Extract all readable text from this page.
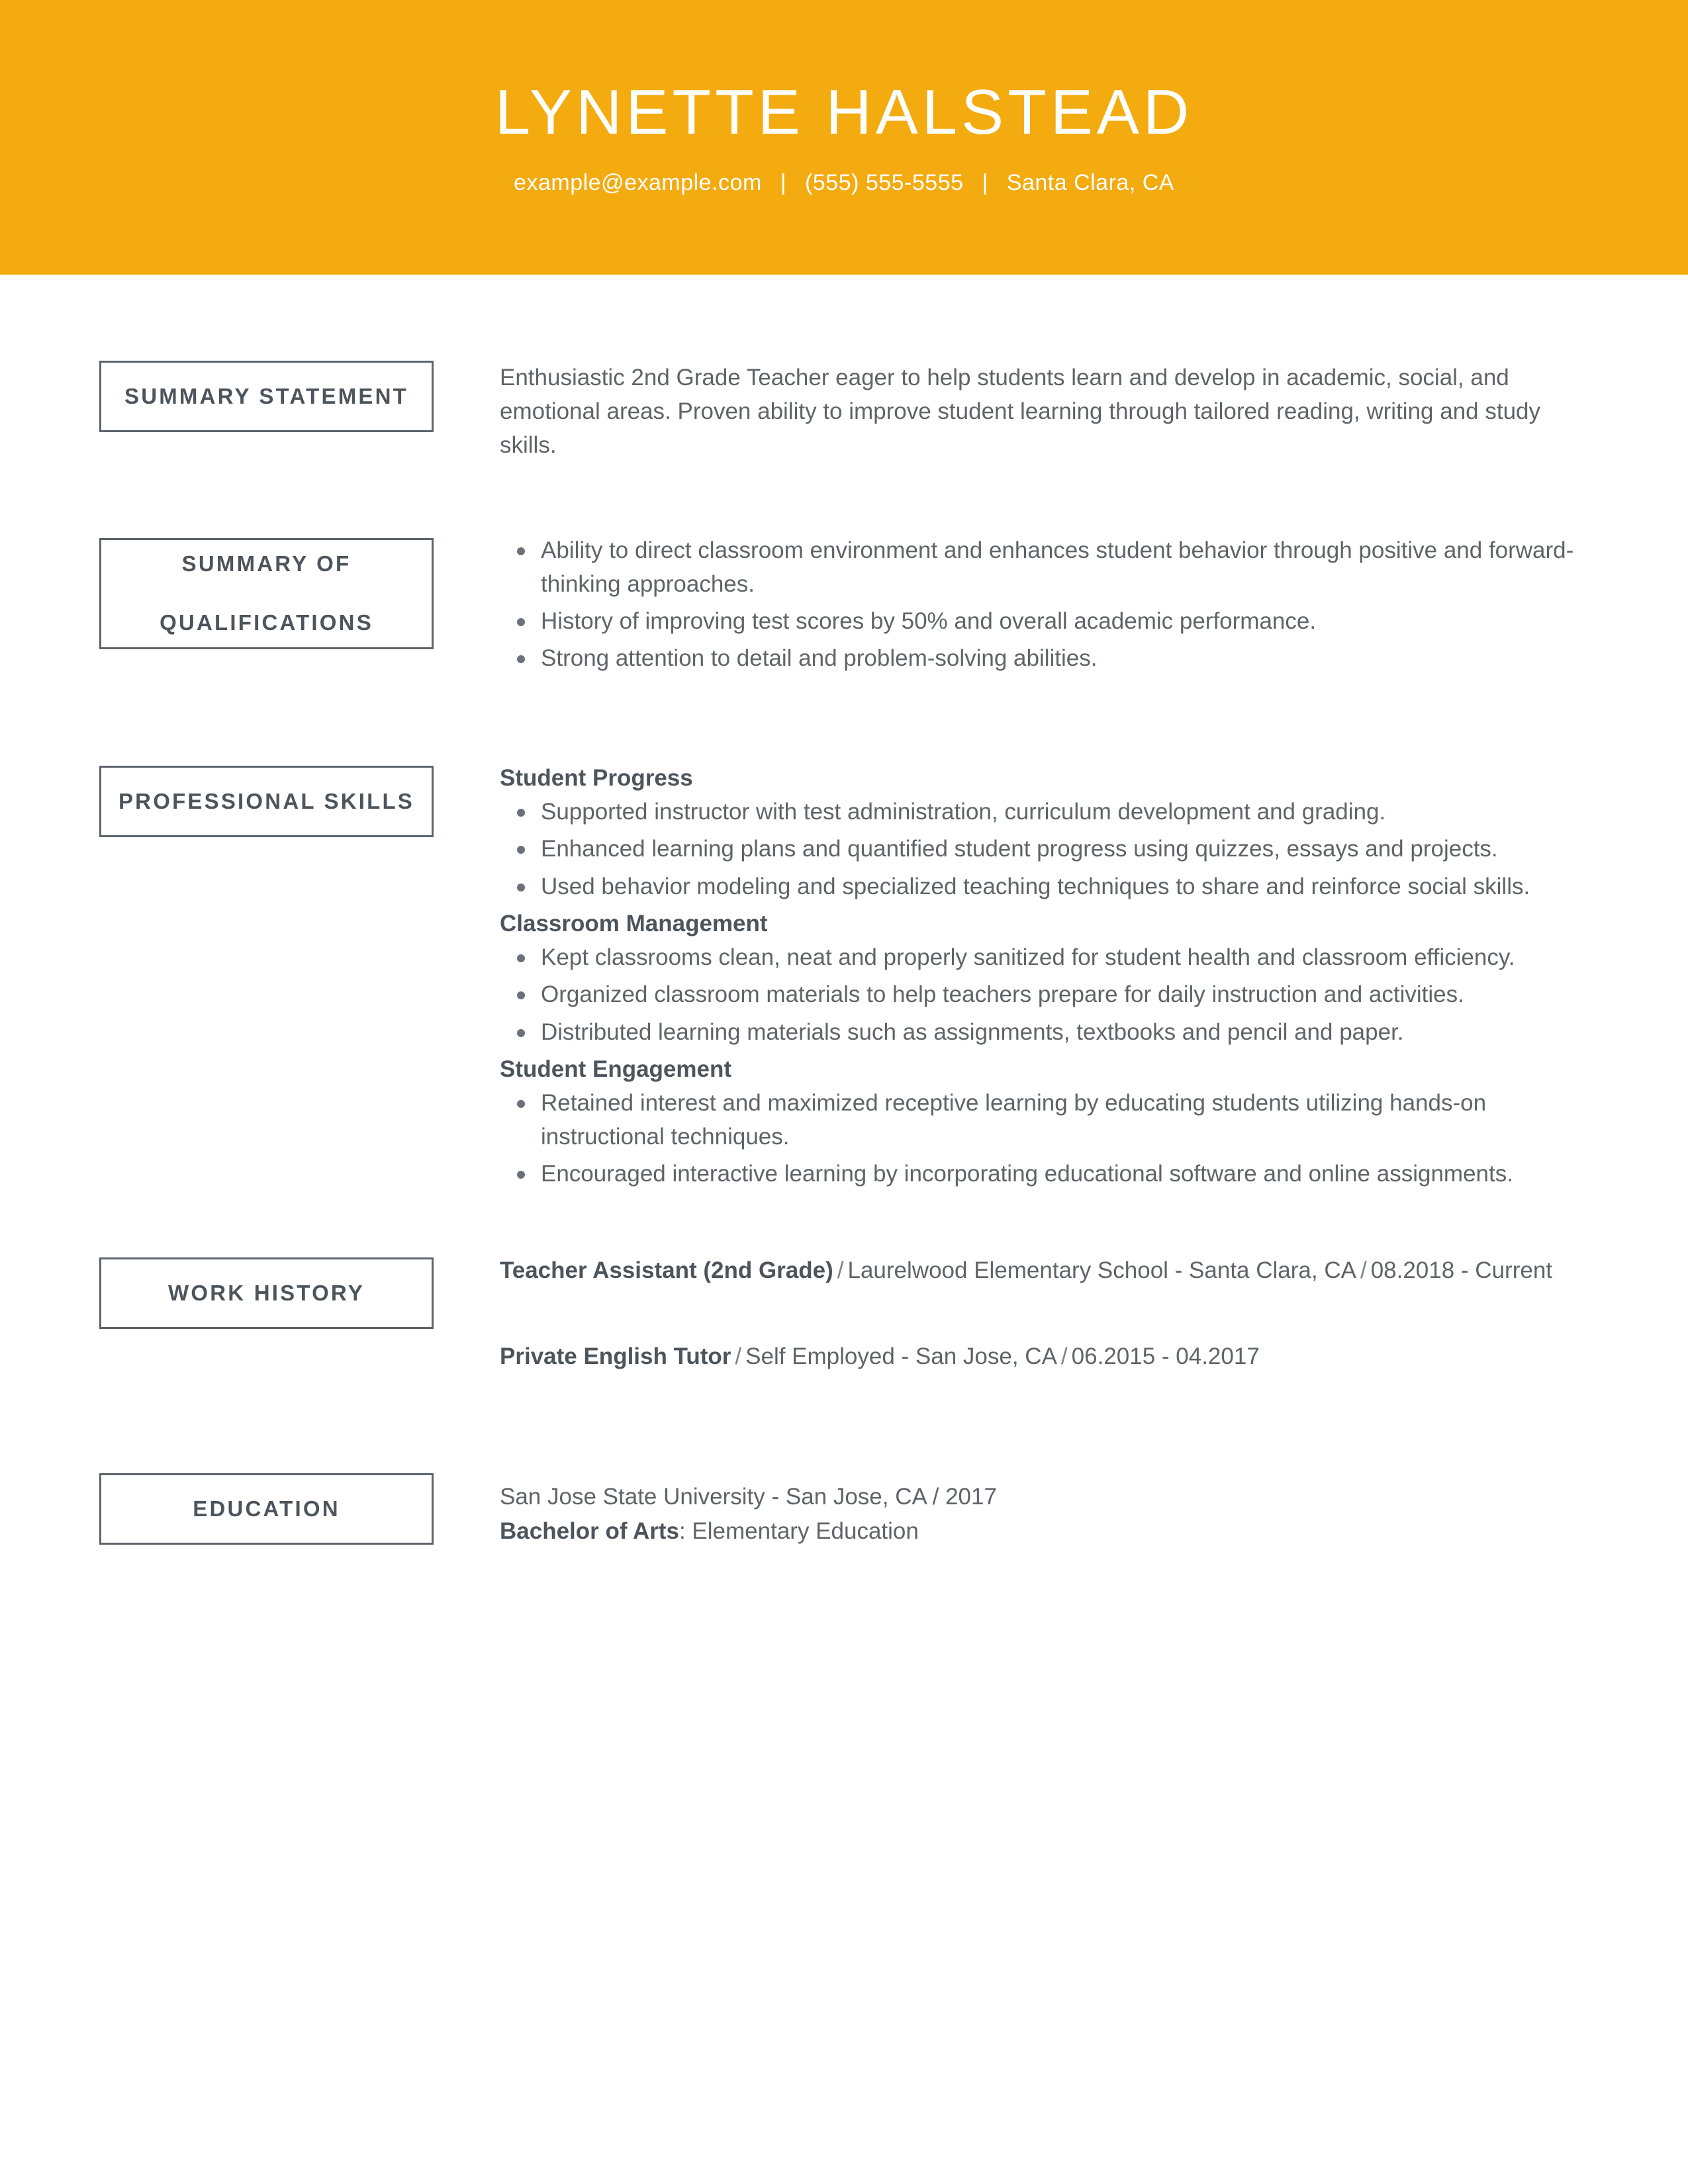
LYNETTE HALSTEAD
example@example.com | (555) 555-5555 | Santa Clara, CA
SUMMARY STATEMENT

Enthusiastic 2nd Grade Teacher eager to help students learn and develop in academic, social, and emotional areas. Proven ability to improve student learning through tailored reading, writing and study skills.

SUMMARY OF

QUALIFICATIONS
Ability to direct classroom environment and enhances student behavior through positive and forward-thinking approaches.
History of improving test scores by 50% and overall academic performance.
Strong attention to detail and problem-solving abilities.
PROFESSIONAL SKILLS
Student Progress
Supported instructor with test administration, curriculum development and grading.
Enhanced learning plans and quantified student progress using quizzes, essays and projects.
Used behavior modeling and specialized teaching techniques to share and reinforce social skills.
Classroom Management
Kept classrooms clean, neat and properly sanitized for student health and classroom efficiency.
Organized classroom materials to help teachers prepare for daily instruction and activities.
Distributed learning materials such as assignments, textbooks and pencil and paper.
Student Engagement
Retained interest and maximized receptive learning by educating students utilizing hands-on instructional techniques.
Encouraged interactive learning by incorporating educational software and online assignments.
WORK HISTORY

Teacher Assistant (2nd Grade) / Laurelwood Elementary School - Santa Clara, CA / 08.2018 - Current

Private English Tutor / Self Employed - San Jose, CA / 06.2015 - 04.2017

EDUCATION	San Jose State University - San Jose, CA / 2017

Bachelor of Arts: Elementary Education
